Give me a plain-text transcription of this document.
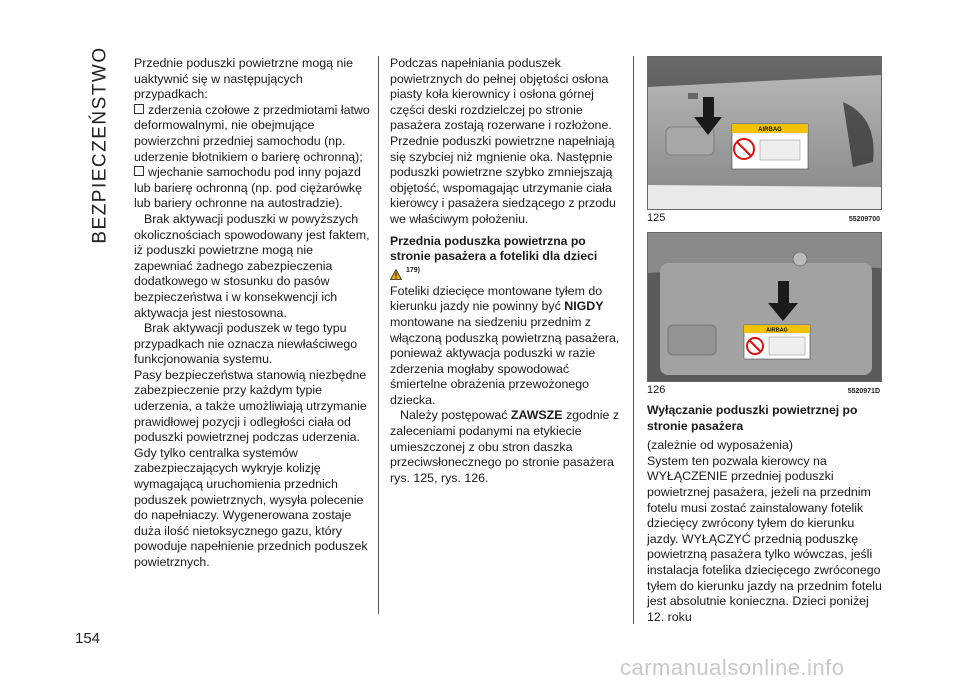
BEZPIECZEŃSTWO
154

Przednie poduszki powietrzne mogą nie uaktywnić się w następujących przypadkach:

zderzenia czołowe z przedmiotami łatwo deformowalnymi, nie obejmujące powierzchni przedniej samochodu (np. uderzenie błotnikiem o barierę ochronną);

wjechanie samochodu pod inny pojazd lub barierę ochronną (np. pod ciężarówkę lub bariery ochronne na autostradzie).

Brak aktywacji poduszki w powyższych okolicznościach spowodowany jest faktem, iż poduszki powietrzne mogą nie zapewniać żadnego zabezpieczenia dodatkowego w stosunku do pasów bezpieczeństwa i w konsekwencji ich aktywacja jest niestosowna.

Brak aktywacji poduszek w tego typu przypadkach nie oznacza niewłaściwego funkcjonowania systemu.

Pasy bezpieczeństwa stanowią niezbędne zabezpieczenie przy każdym typie uderzenia, a także umożliwiają utrzymanie prawidłowej pozycji i odległości ciała od poduszki powietrznej podczas uderzenia.

Gdy tylko centralka systemów zabezpieczających wykryje kolizję wymagającą uruchomienia przednich poduszek powietrznych, wysyła polecenie do napełniaczy. Wygenerowana zostaje duża ilość nietoksycznego gazu, który powoduje napełnienie przednich poduszek powietrznych.

Podczas napełniania poduszek powietrznych do pełnej objętości osłona piasty koła kierownicy i osłona górnej części deski rozdzielczej po stronie pasażera zostają rozerwane i rozłożone. Przednie poduszki powietrzne napełniają się szybciej niż mgnienie oka. Następnie poduszki powietrzne szybko zmniejszają objętość, wspomagając utrzymanie ciała kierowcy i pasażera siedzącego z przodu we właściwym położeniu.

Przednia poduszka powietrzna po stronie pasażera a foteliki dla dzieci

179)

Foteliki dziecięce montowane tyłem do kierunku jazdy nie powinny być NIGDY montowane na siedzeniu przednim z włączoną poduszką powietrzną pasażera, ponieważ aktywacja poduszki w razie zderzenia mogłaby spowodować śmiertelne obrażenia przewożonego dziecka.

Należy postępować ZAWSZE zgodnie z zaleceniami podanymi na etykiecie umieszczonej z obu stron daszka przeciwsłonecznego po stronie pasażera rys. 125, rys. 126.

AIRBAG
125	55209700
AIRBAG
126	5520971D

Wyłączanie poduszki powietrznej po stronie pasażera

(zależnie od wyposażenia)

System ten pozwala kierowcy na WYŁĄCZENIE przedniej poduszki powietrznej pasażera, jeżeli na przednim fotelu musi zostać zainstalowany fotelik dziecięcy zwrócony tyłem do kierunku jazdy. WYŁĄCZYĆ przednią poduszkę powietrzną pasażera tylko wówczas, jeśli instalacja fotelika dziecięcego zwróconego tyłem do kierunku jazdy na przednim fotelu jest absolutnie konieczna. Dzieci poniżej 12. roku

carmanualsonline.info
